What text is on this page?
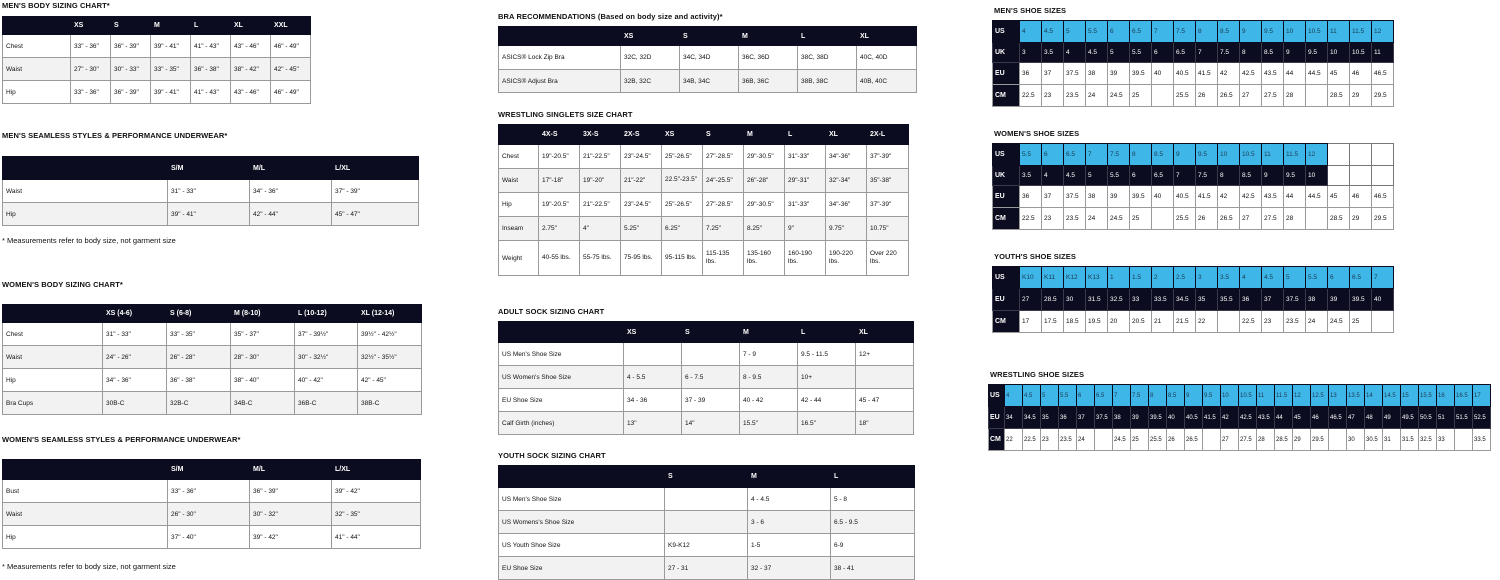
MEN'S BODY SIZING CHART*
	XS	S	M	L	XL	XXL
Chest	33" - 36"	36" - 39"	39" - 41"	41" - 43"	43" - 46"	46" - 49"
Waist	27" - 30"	30" - 33"	33" - 35"	36" - 38"	38" - 42"	42" - 45"
Hip	33" - 36"	36" - 39"	39" - 41"	41" - 43"	43" - 46"	46" - 49"
MEN'S SEAMLESS STYLES & PERFORMANCE UNDERWEAR*
	S/M	M/L	L/XL
Waist	31" - 33"	34" - 36"	37" - 39"
Hip	39" - 41"	42" - 44"	45" - 47"
* Measurements refer to body size, not garment size
WOMEN'S BODY SIZING CHART*
	XS (4-6)	S (6-8)	M (8-10)	L (10-12)	XL (12-14)
Chest	31" - 33"	33" - 35"	35" - 37"	37" - 39½"	39½" - 42½"
Waist	24" - 26"	26" - 28"	28" - 30"	30" - 32½"	32½" - 35½"
Hip	34" - 36"	36" - 38"	38" - 40"	40" - 42"	42" - 45"
Bra Cups	30B-C	32B-C	34B-C	36B-C	38B-C
WOMEN'S SEAMLESS STYLES & PERFORMANCE UNDERWEAR*
	S/M	M/L	L/XL
Bust	33" - 36"	36" - 39"	39" - 42"
Waist	26" - 30"	30" - 32"	32" - 35"
Hip	37" - 40"	39" - 42"	41" - 44"
* Measurements refer to body size, not garment size
BRA RECOMMENDATIONS (Based on body size and activity)*
	XS	S	M	L	XL
ASICS® Lock Zip Bra	32C, 32D	34C, 34D	36C, 36D	38C, 38D	40C, 40D
ASICS® Adjust Bra	32B, 32C	34B, 34C	36B, 36C	38B, 38C	40B, 40C
WRESTLING SINGLETS SIZE CHART
	4X-S	3X-S	2X-S	XS	S	M	L	XL	2X-L
Chest	19"-20.5"	21"-22.5"	23"-24.5"	25"-26.5"	27"-28.5"	29"-30.5"	31"-33"	34"-36"	37"-39"
Waist	17"-18"	19"-20"	21"-22"	22.5"-23.5"	24"-25.5"	26"-28"	29"-31"	32"-34"	35"-38"
Hip	19"-20.5"	21"-22.5"	23"-24.5"	25"-26.5"	27"-28.5"	29"-30.5"	31"-33"	34"-36"	37"-39"
Inseam	2.75"	4"	5.25"	6.25"	7.25"	8.25"	9"	9.75"	10.75"
Weight	40-55 lbs.	55-75 lbs.	75-95 lbs.	95-115 lbs.	115-135 lbs.	135-160 lbs.	160-190 lbs.	190-220 lbs.	Over 220 lbs.
ADULT SOCK SIZING CHART
	XS	S	M	L	XL
US Men's Shoe Size			7 - 9	9.5 - 11.5	12+
US Women's Shoe Size	4 - 5.5	6 - 7.5	8 - 9.5	10+	
EU Shoe Size	34 - 36	37 - 39	40 - 42	42 - 44	45 - 47
Calf Girth (inches)	13"	14"	15.5"	16.5"	18"
YOUTH SOCK SIZING CHART
	S	M	L
US Men's Shoe Size		4 - 4.5	5 - 8
US Womens's Shoe Size		3 - 6	6.5 - 9.5
US Youth Shoe Size	K9-K12	1-5	6-9
EU Shoe Size	27 - 31	32 - 37	38 - 41
MEN'S SHOE SIZES
US	4	4.5	5	5.5	6	6.5	7	7.5	8	8.5	9	9.5	10	10.5	11	11.5	12
UK	3	3.5	4	4.5	5	5.5	6	6.5	7	7.5	8	8.5	9	9.5	10	10.5	11
EU	36	37	37.5	38	39	39.5	40	40.5	41.5	42	42.5	43.5	44	44.5	45	46	46.5
CM	22.5	23	23.5	24	24.5	25		25.5	26	26.5	27	27.5	28		28.5	29	29.5
WOMEN'S SHOE SIZES
US	5.5	6	6.5	7	7.5	8	8.5	9	9.5	10	10.5	11	11.5	12			
UK	3.5	4	4.5	5	5.5	6	6.5	7	7.5	8	8.5	9	9.5	10			
EU	36	37	37.5	38	39	39.5	40	40.5	41.5	42	42.5	43.5	44	44.5	45	46	46.5
CM	22.5	23	23.5	24	24.5	25		25.5	26	26.5	27	27.5	28		28.5	29	29.5
YOUTH'S SHOE SIZES
US	K10	K11	K12	K13	1	1.5	2	2.5	3	3.5	4	4.5	5	5.5	6	6.5	7
EU	27	28.5	30	31.5	32.5	33	33.5	34.5	35	35.5	36	37	37.5	38	39	39.5	40
CM	17	17.5	18.5	19.5	20	20.5	21	21.5	22		22.5	23	23.5	24	24.5	25	
WRESTLING SHOE SIZES
US	4	4.5	5	5.5	6	6.5	7	7.5	8	8.5	9	9.5	10	10.5	11	11.5	12	12.5	13	13.5	14	14.5	15	15.5	16	16.5	17
EU	34	34.5	35	36	37	37.5	38	39	39.5	40	40.5	41.5	42	42.5	43.5	44	45	46	46.5	47	48	49	49.5	50.5	51	51.5	52.5
CM	22	22.5	23	23.5	24		24.5	25	25.5	26	26.5		27	27.5	28	28.5	29	29.5		30	30.5	31	31.5	32.5	33		33.5
